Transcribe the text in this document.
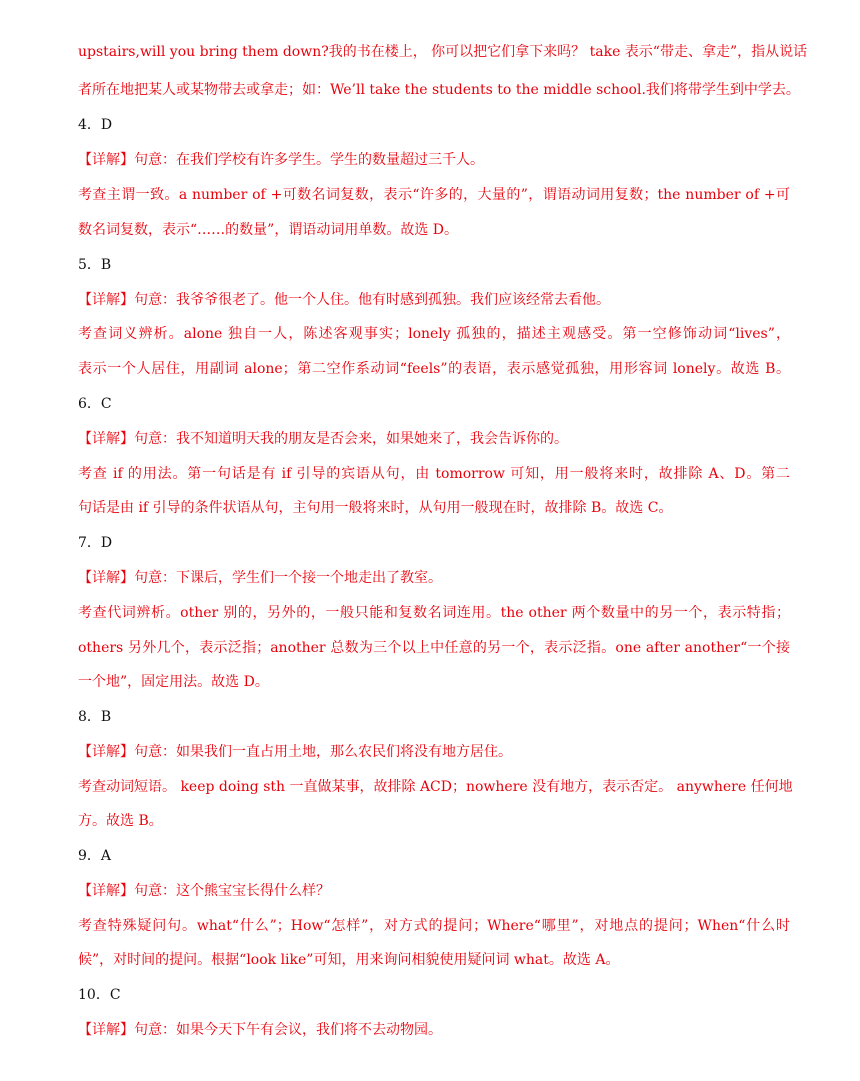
upstairs,will you bring them down?我的书在楼上， 你可以把它们拿下来吗？ take 表示“带走、拿走”，指从说话
者所在地把某人或某物带去或拿走；如：We’ll take the students to the middle school.我们将带学生到中学去。
4．D
【详解】句意：在我们学校有许多学生。学生的数量超过三千人。
考查主谓一致。a number of +可数名词复数，表示“许多的，大量的”，谓语动词用复数；the number of +可
数名词复数，表示“……的数量”，谓语动词用单数。故选 D。
5．B
【详解】句意：我爷爷很老了。他一个人住。他有时感到孤独。我们应该经常去看他。
考查词义辨析。alone 独自一人，陈述客观事实；lonely 孤独的，描述主观感受。第一空修饰动词“lives”，
表示一个人居住，用副词 alone；第二空作系动词“feels”的表语，表示感觉孤独，用形容词 lonely。故选 B。
6．C
【详解】句意：我不知道明天我的朋友是否会来，如果她来了，我会告诉你的。
考查 if 的用法。第一句话是有 if 引导的宾语从句，由 tomorrow 可知，用一般将来时，故排除 A、D。第二
句话是由 if 引导的条件状语从句，主句用一般将来时，从句用一般现在时，故排除 B。故选 C。
7．D
【详解】句意：下课后，学生们一个接一个地走出了教室。
考查代词辨析。other 别的，另外的，一般只能和复数名词连用。the other 两个数量中的另一个，表示特指；
others 另外几个，表示泛指；another 总数为三个以上中任意的另一个，表示泛指。one after another“一个接
一个地”，固定用法。故选 D。
8．B
【详解】句意：如果我们一直占用土地，那么农民们将没有地方居住。
考查动词短语。 keep doing sth 一直做某事，故排除 ACD；nowhere 没有地方，表示否定。 anywhere 任何地
方。故选 B。
9．A
【详解】句意：这个熊宝宝长得什么样？
考查特殊疑问句。what“什么”；How“怎样”，对方式的提问；Where“哪里”，对地点的提问；When“什么时
候”，对时间的提问。根据“look like”可知，用来询问相貌使用疑问词 what。故选 A。
10．C
【详解】句意：如果今天下午有会议，我们将不去动物园。
